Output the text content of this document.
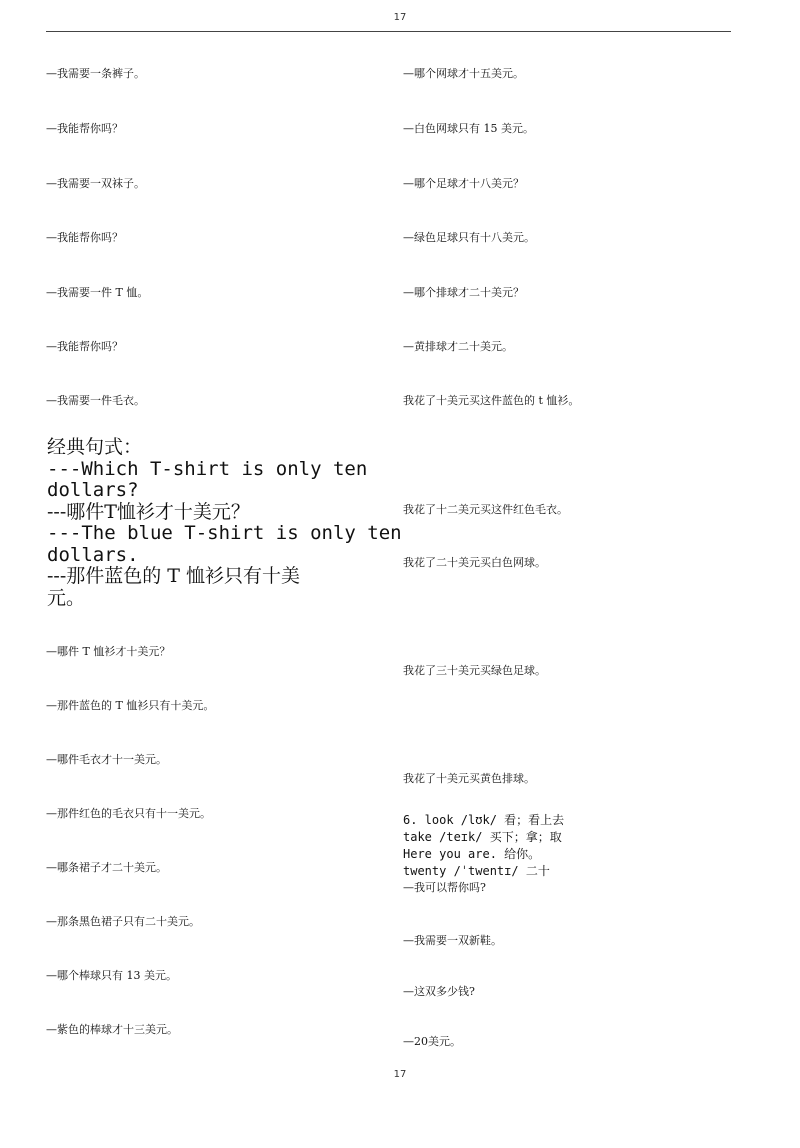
17
—我需要一条裤子。
—我能帮你吗？
—我需要一双袜子。
—我能帮你吗？
—我需要一件 T 恤。
—我能帮你吗？
—我需要一件毛衣。
经典句式：
---Which T-shirt is only ten
dollars?
---哪件T恤衫才十美元？
---The blue T-shirt is only ten
dollars.
---那件蓝色的 T 恤衫只有十美
元。
—哪件 T 恤衫才十美元？
—那件蓝色的 T 恤衫只有十美元。
—哪件毛衣才十一美元。
—那件红色的毛衣只有十一美元。
—哪条裙子才二十美元。
—那条黑色裙子只有二十美元。
—哪个棒球只有 13 美元。
—紫色的棒球才十三美元。
—哪个网球才十五美元。
—白色网球只有 15 美元。
—哪个足球才十八美元？
—绿色足球只有十八美元。
—哪个排球才二十美元？
—黄排球才二十美元。
我花了十美元买这件蓝色的 t 恤衫。
我花了十二美元买这件红色毛衣。
我花了二十美元买白色网球。
我花了三十美元买绿色足球。
我花了十美元买黄色排球。
6. look /lʊk/ 看；看上去
take /teɪk/ 买下；拿；取
Here you are. 给你。
twenty /ˈtwentɪ/ 二十
—我可以帮你吗?
—我需要一双新鞋。
—这双多少钱?
—20美元。
17
